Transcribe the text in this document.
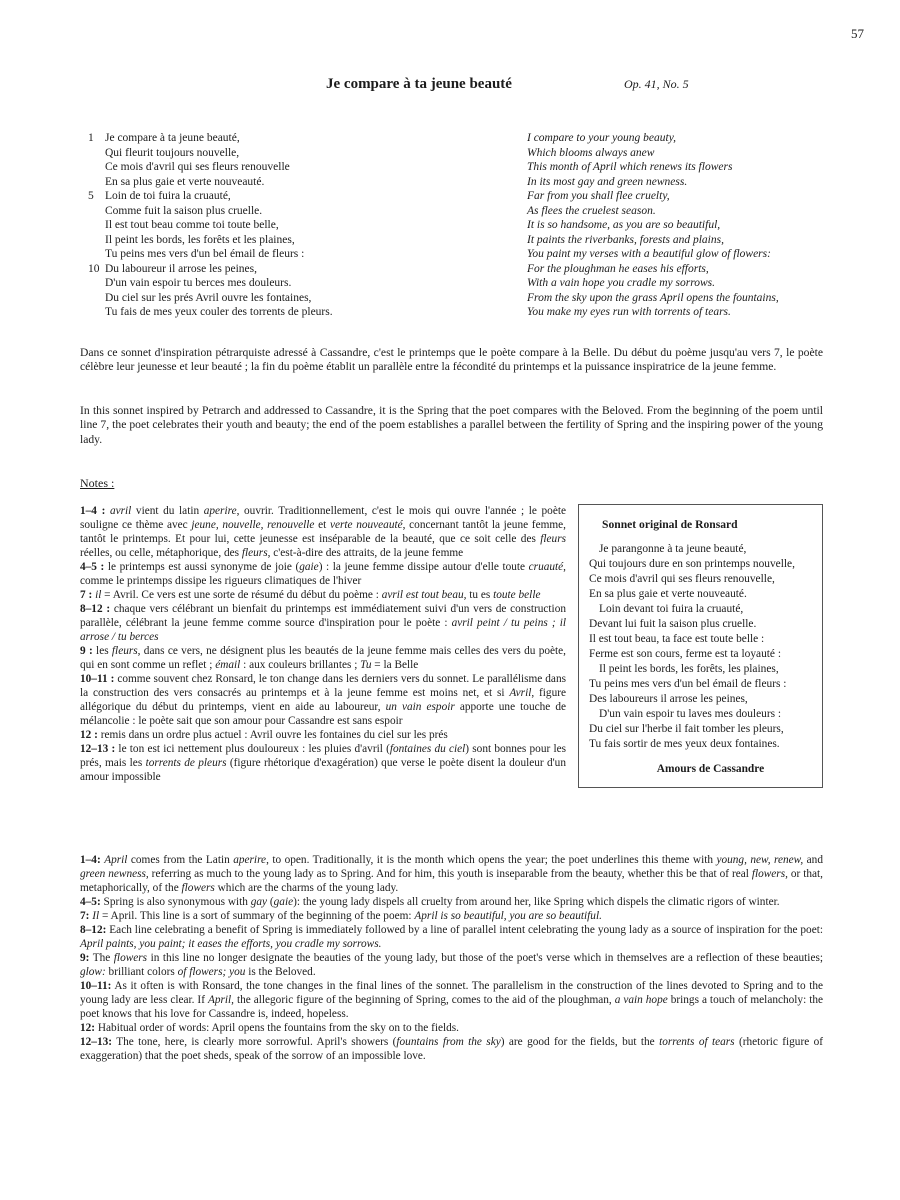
57
Je compare à ta jeune beauté	Op. 41, No. 5
1 Je compare à ta jeune beauté,
Qui fleurit toujours nouvelle,
Ce mois d'avril qui ses fleurs renouvelle
En sa plus gaie et verte nouveauté.
5 Loin de toi fuira la cruauté,
Comme fuit la saison plus cruelle.
Il est tout beau comme toi toute belle,
Il peint les bords, les forêts et les plaines,
Tu peins mes vers d'un bel émail de fleurs :
10 Du laboureur il arrose les peines,
D'un vain espoir tu berces mes douleurs.
Du ciel sur les prés Avril ouvre les fontaines,
Tu fais de mes yeux couler des torrents de pleurs.
I compare to your young beauty,
Which blooms always anew
This month of April which renews its flowers
In its most gay and green newness.
Far from you shall flee cruelty,
As flees the cruelest season.
It is so handsome, as you are so beautiful,
It paints the riverbanks, forests and plains,
You paint my verses with a beautiful glow of flowers:
For the ploughman he eases his efforts,
With a vain hope you cradle my sorrows.
From the sky upon the grass April opens the fountains,
You make my eyes run with torrents of tears.
Dans ce sonnet d'inspiration pétrarquiste adressé à Cassandre, c'est le printemps que le poète compare à la Belle. Du début du poème jusqu'au vers 7, le poète célèbre leur jeunesse et leur beauté ; la fin du poème établit un parallèle entre la fécondité du printemps et la puissance inspiratrice de la jeune femme.
In this sonnet inspired by Petrarch and addressed to Cassandre, it is the Spring that the poet compares with the Beloved. From the beginning of the poem until line 7, the poet celebrates their youth and beauty; the end of the poem establishes a parallel between the fertility of Spring and the inspiring power of the young lady.
Notes :
Sonnet original de Ronsard
Je parangonne à ta jeune beauté,
Qui toujours dure en son printemps nouvelle,
Ce mois d'avril qui ses fleurs renouvelle,
En sa plus gaie et verte nouveauté.
Loin devant toi fuira la cruauté,
Devant lui fuit la saison plus cruelle.
Il est tout beau, ta face est toute belle :
Ferme est son cours, ferme est ta loyauté :
Il peint les bords, les forêts, les plaines,
Tu peins mes vers d'un bel émail de fleurs :
Des laboureurs il arrose les peines,
D'un vain espoir tu laves mes douleurs :
Du ciel sur l'herbe il fait tomber les pleurs,
Tu fais sortir de mes yeux deux fontaines.
Amours de Cassandre

1–4 : avril vient du latin aperire, ouvrir. Traditionnellement, c'est le mois qui ouvre l'année ; le poète souligne ce thème avec jeune, nouvelle, renouvelle et verte nouveauté, concernant tantôt la jeune femme, tantôt le printemps. Et pour lui, cette jeunesse est inséparable de la beauté, que ce soit celle des fleurs réelles, ou celle, métaphorique, des fleurs, c'est-à-dire des attraits, de la jeune femme

4–5 : le printemps est aussi synonyme de joie (gaie) : la jeune femme dissipe autour d'elle toute cruauté, comme le printemps dissipe les rigueurs climatiques de l'hiver

7 : il = Avril. Ce vers est une sorte de résumé du début du poème : avril est tout beau, tu es toute belle

8–12 : chaque vers célébrant un bienfait du printemps est immédiatement suivi d'un vers de construction parallèle, célébrant la jeune femme comme source d'inspiration pour le poète : avril peint / tu peins ; il arrose / tu berces

9 : les fleurs, dans ce vers, ne désignent plus les beautés de la jeune femme mais celles des vers du poète, qui en sont comme un reflet ; émail : aux couleurs brillantes ; Tu = la Belle

10–11 : comme souvent chez Ronsard, le ton change dans les derniers vers du sonnet. Le parallélisme dans la construction des vers consacrés au printemps et à la jeune femme est moins net, et si Avril, figure allégorique du début du printemps, vient en aide au laboureur, un vain espoir apporte une touche de mélancolie : le poète sait que son amour pour Cassandre est sans espoir

12 : remis dans un ordre plus actuel : Avril ouvre les fontaines du ciel sur les prés

12–13 : le ton est ici nettement plus douloureux : les pluies d'avril (fontaines du ciel) sont bonnes pour les prés, mais les torrents de pleurs (figure rhétorique d'exagération) que verse le poète disent la douleur d'un amour impossible

1–4: April comes from the Latin aperire, to open. Traditionally, it is the month which opens the year; the poet underlines this theme with young, new, renew, and green newness, referring as much to the young lady as to Spring. And for him, this youth is inseparable from the beauty, whether this be that of real flowers, or that, metaphorically, of the flowers which are the charms of the young lady.

4–5: Spring is also synonymous with gay (gaie): the young lady dispels all cruelty from around her, like Spring which dispels the climatic rigors of winter.

7: Il = April. This line is a sort of summary of the beginning of the poem: April is so beautiful, you are so beautiful.

8–12: Each line celebrating a benefit of Spring is immediately followed by a line of parallel intent celebrating the young lady as a source of inspiration for the poet: April paints, you paint; it eases the efforts, you cradle my sorrows.

9: The flowers in this line no longer designate the beauties of the young lady, but those of the poet's verse which in themselves are a reflection of these beauties; glow: brilliant colors of flowers; you is the Beloved.

10–11: As it often is with Ronsard, the tone changes in the final lines of the sonnet. The parallelism in the construction of the lines devoted to Spring and to the young lady are less clear. If April, the allegoric figure of the beginning of Spring, comes to the aid of the ploughman, a vain hope brings a touch of melancholy: the poet knows that his love for Cassandre is, indeed, hopeless.

12: Habitual order of words: April opens the fountains from the sky on to the fields.

12–13: The tone, here, is clearly more sorrowful. April's showers (fountains from the sky) are good for the fields, but the torrents of tears (rhetoric figure of exaggeration) that the poet sheds, speak of the sorrow of an impossible love.
